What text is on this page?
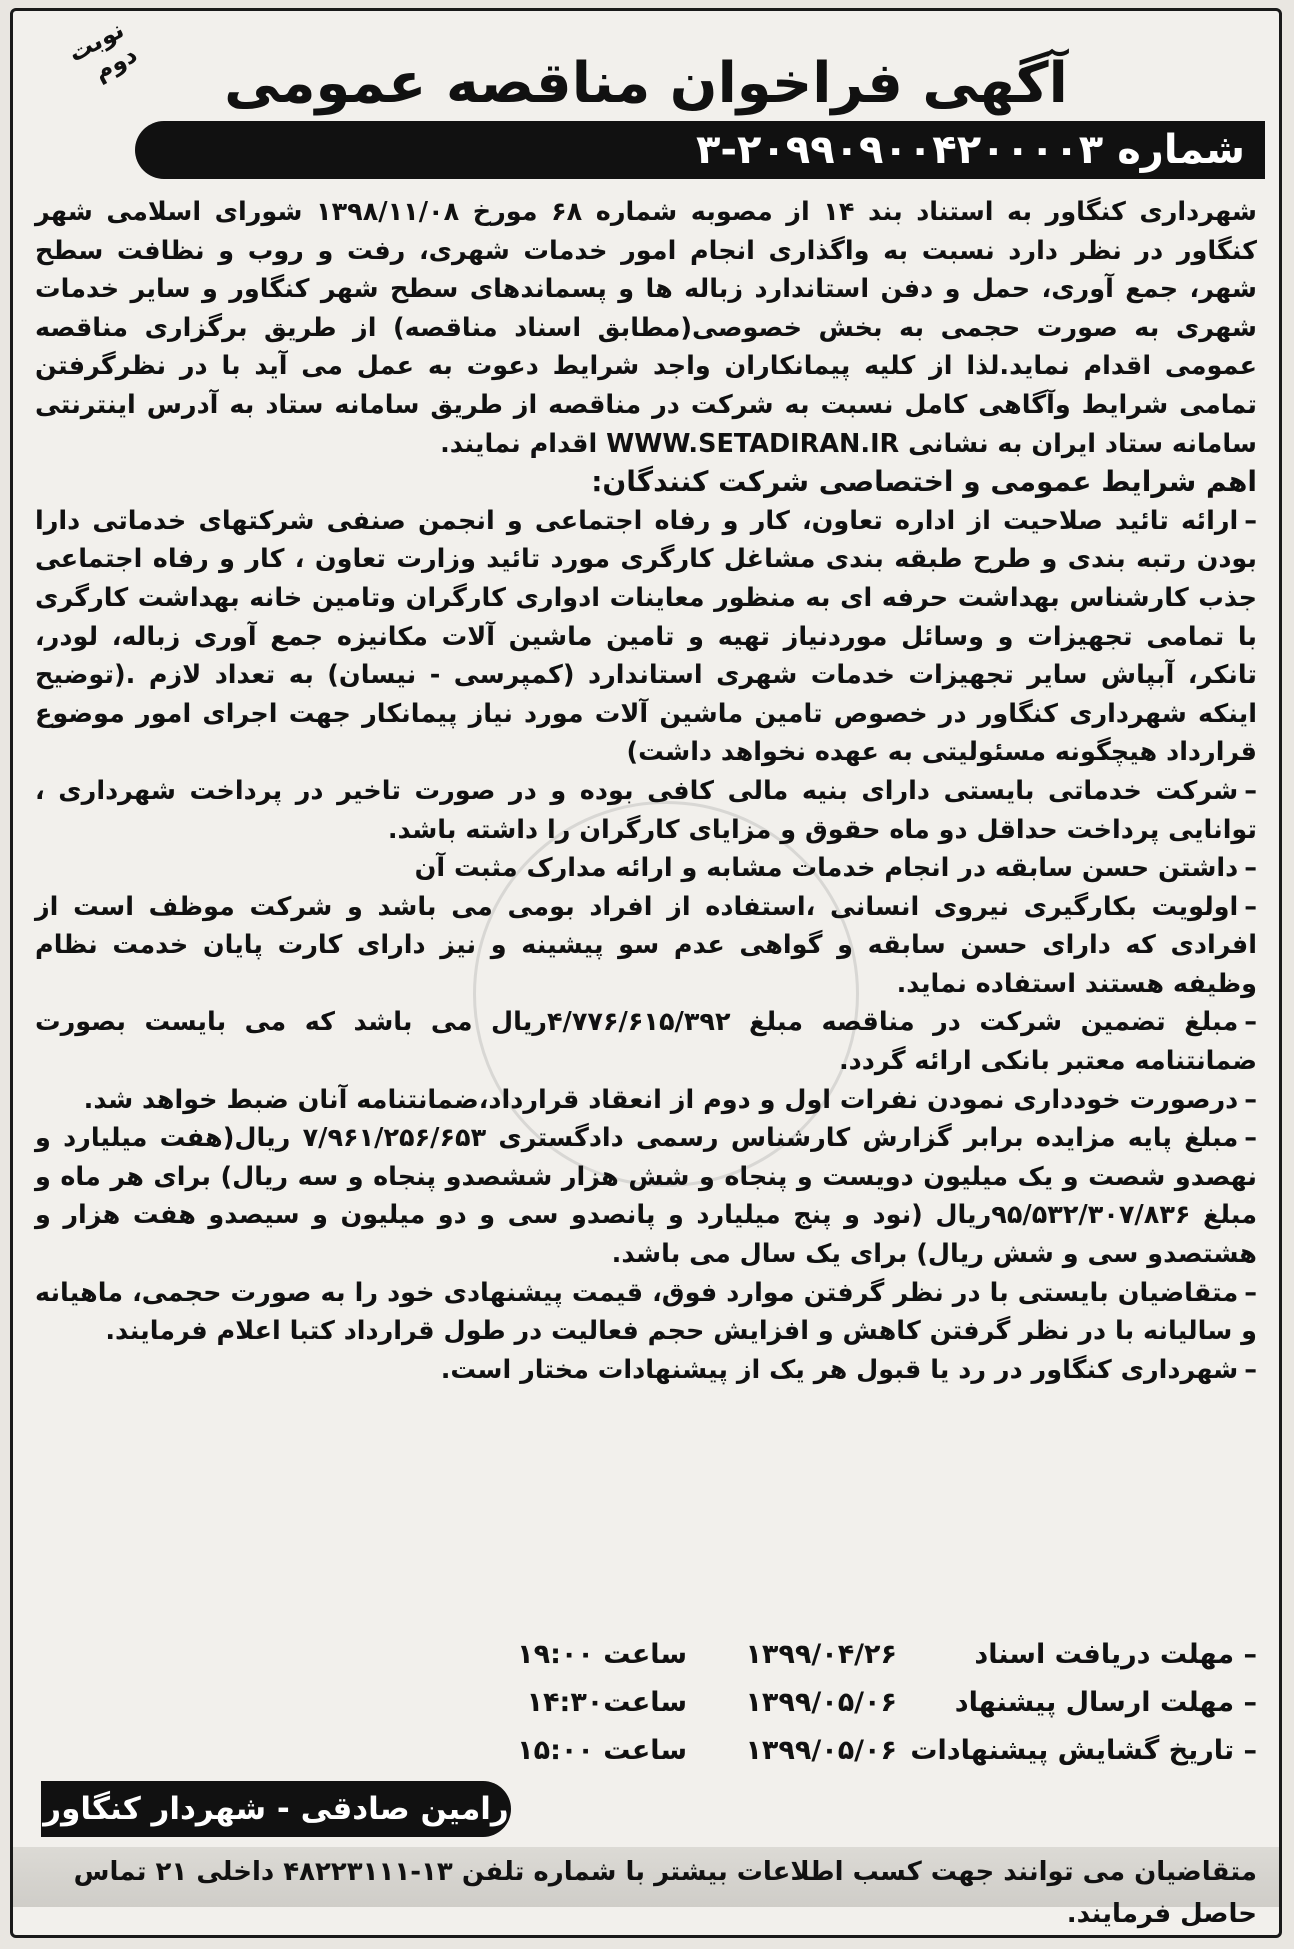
نوبت دوم	آگهی فراخوان مناقصه عمومی
شماره
۳-۲۰۹۹۰۹۰۰۴۲۰۰۰۰۳

شهرداری کنگاور به استناد بند ۱۴ از مصوبه شماره ۶۸ مورخ ۱۳۹۸/۱۱/۰۸ شورای اسلامی شهر کنگاور در نظر دارد نسبت به واگذاری انجام امور خدمات شهری، رفت و روب و نظافت سطح شهر، جمع آوری، حمل و دفن استاندارد زباله ها و پسماندهای سطح شهر کنگاور و سایر خدمات شهری به صورت حجمی به بخش خصوصی(مطابق اسناد مناقصه) از طریق برگزاری مناقصه عمومی اقدام نماید.لذا از کلیه پیمانکاران واجد شرایط دعوت به عمل می آید با در نظرگرفتن تمامی شرایط وآگاهی کامل نسبت به شرکت در مناقصه از طریق سامانه ستاد به آدرس اینترنتی سامانه ستاد ایران به نشانی WWW.SETADIRAN.IR اقدام نمایند.

اهم شرایط عمومی و اختصاصی شرکت کنندگان:

–ارائه تائید صلاحیت از اداره تعاون، کار و رفاه اجتماعی و انجمن صنفی شرکتهای خدماتی دارا بودن رتبه بندی و طرح طبقه بندی مشاغل کارگری مورد تائید وزارت تعاون ، کار و رفاه اجتماعی جذب کارشناس بهداشت حرفه ای به منظور معاینات ادواری کارگران وتامین خانه بهداشت کارگری با تمامی تجهیزات و وسائل موردنیاز تهیه و تامین ماشین آلات مکانیزه جمع آوری زباله، لودر، تانکر، آبپاش سایر تجهیزات خدمات شهری استاندارد (کمپرسی - نیسان) به تعداد لازم .(توضیح اینکه شهرداری کنگاور در خصوص تامین ماشین آلات مورد نیاز پیمانکار جهت اجرای امور موضوع قرارداد هیچگونه مسئولیتی به عهده نخواهد داشت)

–شرکت خدماتی بایستی دارای بنیه مالی کافی بوده و در صورت تاخیر در پرداخت شهرداری ، توانایی پرداخت حداقل دو ماه حقوق و مزایای کارگران را داشته باشد.

–داشتن حسن سابقه در انجام خدمات مشابه و ارائه مدارک مثبت آن

–اولویت بکارگیری نیروی انسانی ،استفاده از افراد بومی می باشد و شرکت موظف است از افرادی که دارای حسن سابقه و گواهی عدم سو پیشینه و نیز دارای کارت پایان خدمت نظام وظیفه هستند استفاده نماید.

–مبلغ تضمین شرکت در مناقصه مبلغ ۴/۷۷۶/۶۱۵/۳۹۲ریال می باشد که می بایست بصورت ضمانتنامه معتبر بانکی ارائه گردد.

–درصورت خودداری نمودن نفرات اول و دوم از انعقاد قرارداد،ضمانتنامه آنان ضبط خواهد شد.

–مبلغ پایه مزایده برابر گزارش کارشناس رسمی دادگستری ۷/۹۶۱/۲۵۶/۶۵۳ ریال(هفت میلیارد و نهصدو شصت و یک میلیون دویست و پنجاه و شش هزار ششصدو پنجاه و سه ریال) برای هر ماه و مبلغ ۹۵/۵۳۲/۳۰۷/۸۳۶ریال (نود و پنج میلیارد و پانصدو سی و دو میلیون و سیصدو هفت هزار و هشتصدو سی و شش ریال) برای یک سال می باشد.

–متقاضیان بایستی با در نظر گرفتن موارد فوق، قیمت پیشنهادی خود را به صورت حجمی، ماهیانه و سالیانه با در نظر گرفتن کاهش و افزایش حجم فعالیت در طول قرارداد کتبا اعلام فرمایند.

–شهرداری کنگاور در رد یا قبول هر یک از پیشنهادات مختار است.

– مهلت دریافت اسناد
۱۳۹۹/۰۴/۲۶
ساعت ۱۹:۰۰
– مهلت ارسال پیشنهاد
۱۳۹۹/۰۵/۰۶
ساعت۱۴:۳۰
– تاریخ گشایش پیشنهادات
۱۳۹۹/۰۵/۰۶
ساعت ۱۵:۰۰
رامین صادقی - شهردار کنگاور
متقاضیان می توانند جهت کسب اطلاعات بیشتر با شماره تلفن ۱۳-۴۸۲۲۳۱۱۱ داخلی ۲۱ تماس حاصل فرمایند.
